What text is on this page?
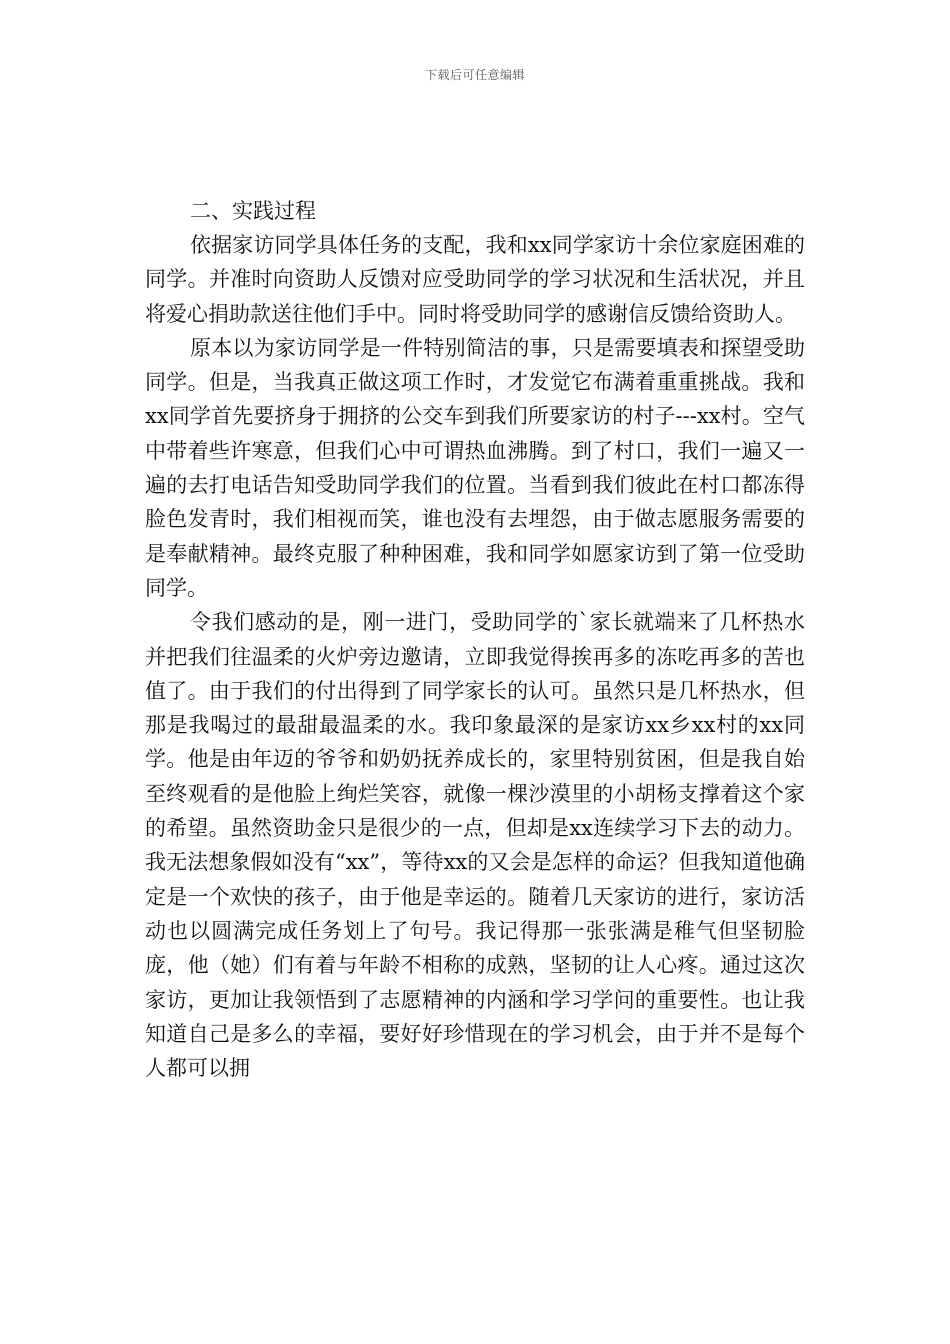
下载后可任意编辑

二、实践过程

依据家访同学具体任务的支配，我和xx同学家访十余位家庭困难的同学。并准时向资助人反馈对应受助同学的学习状况和生活状况，并且将爱心捐助款送往他们手中。同时将受助同学的感谢信反馈给资助人。

原本以为家访同学是一件特别简洁的事，只是需要填表和探望受助同学。但是，当我真正做这项工作时，才发觉它布满着重重挑战。我和xx同学首先要挤身于拥挤的公交车到我们所要家访的村子---xx村。空气中带着些许寒意，但我们心中可谓热血沸腾。到了村口，我们一遍又一遍的去打电话告知受助同学我们的位置。当看到我们彼此在村口都冻得脸色发青时，我们相视而笑，谁也没有去埋怨，由于做志愿服务需要的是奉献精神。最终克服了种种困难，我和同学如愿家访到了第一位受助同学。

令我们感动的是，刚一进门，受助同学的`家长就端来了几杯热水并把我们往温柔的火炉旁边邀请，立即我觉得挨再多的冻吃再多的苦也值了。由于我们的付出得到了同学家长的认可。虽然只是几杯热水，但那是我喝过的最甜最温柔的水。我印象最深的是家访xx乡xx村的xx同学。他是由年迈的爷爷和奶奶抚养成长的，家里特别贫困，但是我自始至终观看的是他脸上绚烂笑容，就像一棵沙漠里的小胡杨支撑着这个家的希望。虽然资助金只是很少的一点，但却是xx连续学习下去的动力。我无法想象假如没有“xx”，等待xx的又会是怎样的命运？但我知道他确定是一个欢快的孩子，由于他是幸运的。随着几天家访的进行，家访活动也以圆满完成任务划上了句号。我记得那一张张满是稚气但坚韧脸庞，他（她）们有着与年龄不相称的成熟，坚韧的让人心疼。通过这次家访，更加让我领悟到了志愿精神的内涵和学习学问的重要性。也让我知道自己是多么的幸福，要好好珍惜现在的学习机会，由于并不是每个人都可以拥
